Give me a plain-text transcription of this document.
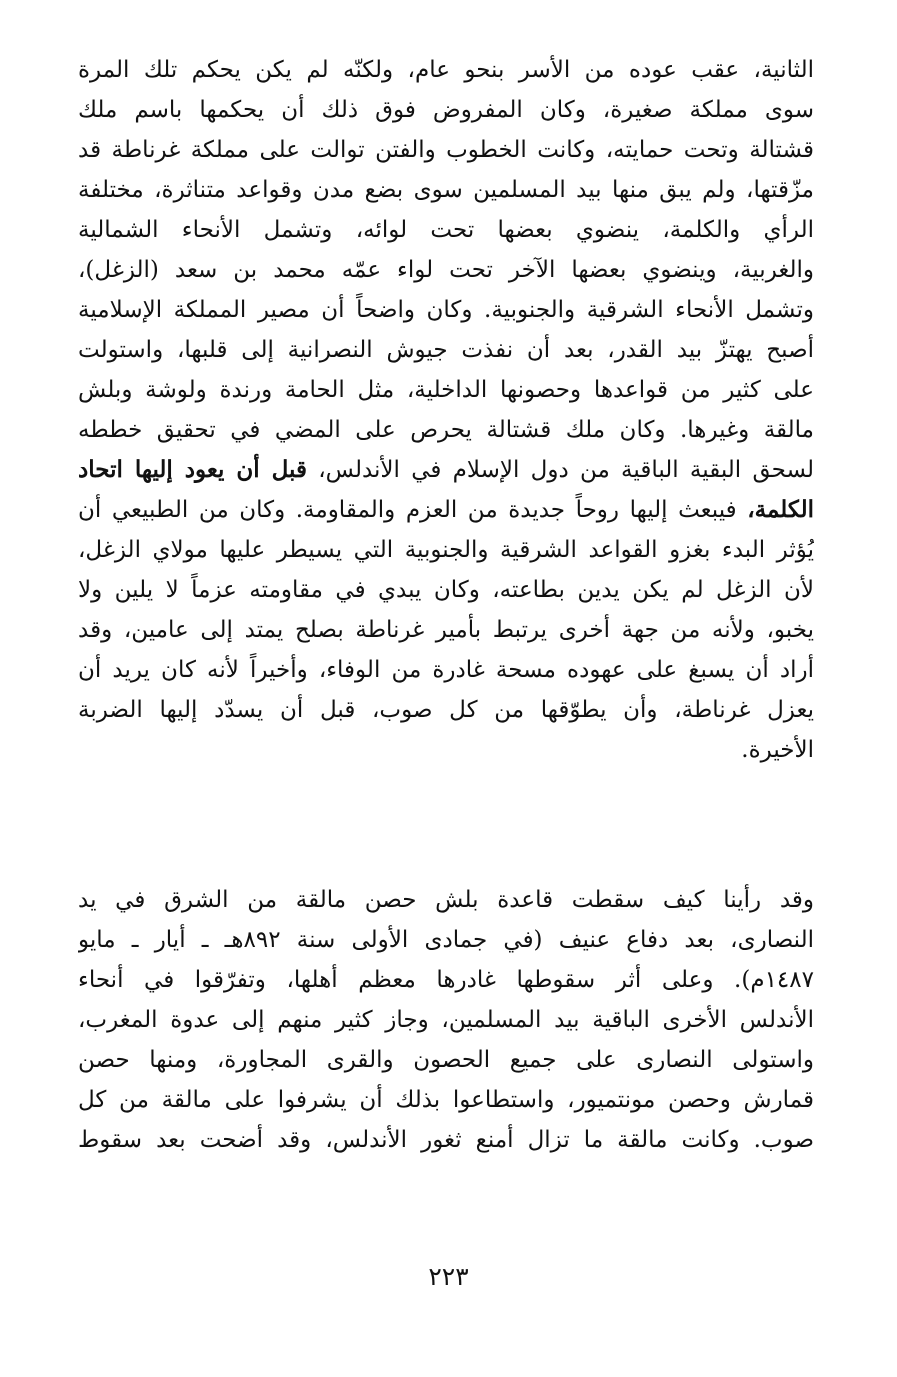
الثانية، عقب عوده من الأسر بنحو عام، ولكنّه لم يكن يحكم تلك المرة
سوى مملكة صغيرة، وكان المفروض فوق ذلك أن يحكمها باسم ملك
قشتالة وتحت حمايته، وكانت الخطوب والفتن توالت على مملكة غرناطة قد
مزّقتها، ولم يبق منها بيد المسلمين سوى بضع مدن وقواعد متناثرة، مختلفة
الرأي والكلمة، ينضوي بعضها تحت لوائه، وتشمل الأنحاء الشمالية
والغربية، وينضوي بعضها الآخر تحت لواء عمّه محمد بن سعد (الزغل)،
وتشمل الأنحاء الشرقية والجنوبية. وكان واضحاً أن مصير المملكة الإسلامية
أصبح يهتزّ بيد القدر، بعد أن نفذت جيوش النصرانية إلى قلبها، واستولت
على كثير من قواعدها وحصونها الداخلية، مثل الحامة ورندة ولوشة وبلش
مالقة وغيرها. وكان ملك قشتالة يحرص على المضي في تحقيق خططه
لسحق البقية الباقية من دول الإسلام في الأندلس، قبل أن يعود إليها اتحاد
الكلمة، فيبعث إليها روحاً جديدة من العزم والمقاومة. وكان من الطبيعي أن
يُؤثر البدء بغزو القواعد الشرقية والجنوبية التي يسيطر عليها مولاي الزغل،
لأن الزغل لم يكن يدين بطاعته، وكان يبدي في مقاومته عزماً لا يلين ولا
يخبو، ولأنه من جهة أخرى يرتبط بأمير غرناطة بصلح يمتد إلى عامين، وقد
أراد أن يسبغ على عهوده مسحة غادرة من الوفاء، وأخيراً لأنه كان يريد أن
يعزل غرناطة، وأن يطوّقها من كل صوب، قبل أن يسدّد إليها الضربة
الأخيرة.
وقد رأينا كيف سقطت قاعدة بلش حصن مالقة من الشرق في يد
النصارى، بعد دفاع عنيف (في جمادى الأولى سنة ٨٩٢هـ ـ أيار ـ مايو
١٤٨٧م). وعلى أثر سقوطها غادرها معظم أهلها، وتفرّقوا في أنحاء
الأندلس الأخرى الباقية بيد المسلمين، وجاز كثير منهم إلى عدوة المغرب،
واستولى النصارى على جميع الحصون والقرى المجاورة، ومنها حصن
قمارش وحصن مونتميور، واستطاعوا بذلك أن يشرفوا على مالقة من كل
صوب. وكانت مالقة ما تزال أمنع ثغور الأندلس، وقد أضحت بعد سقوط
٢٢٣
